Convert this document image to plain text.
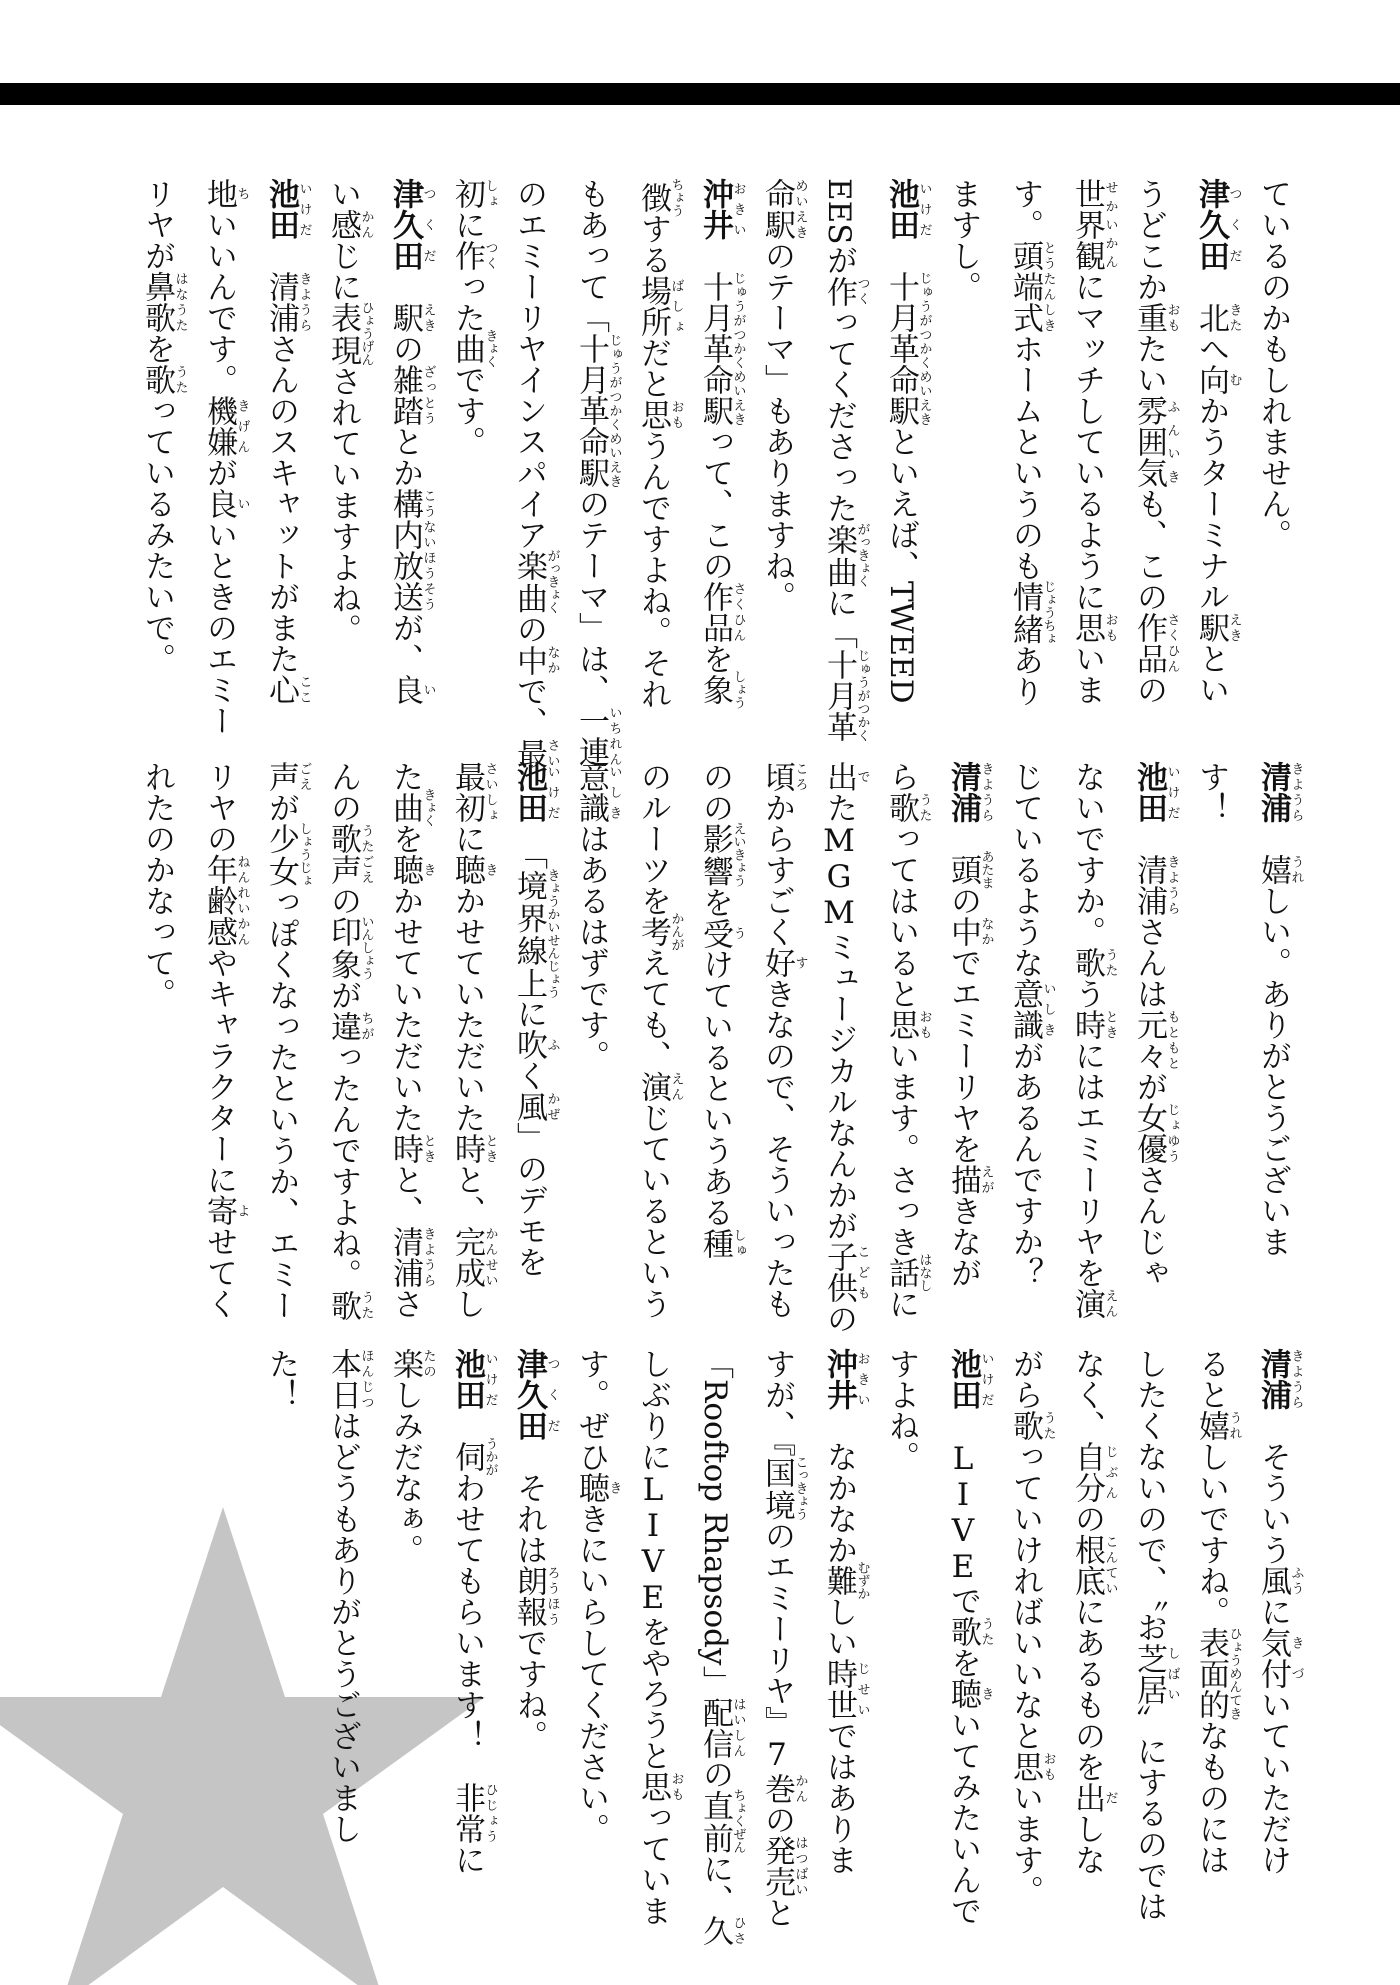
ているのかもしれません。
津久田つくだ　北きたへ向むかうターミナル駅えきとい
うどこか重おもたい雰囲気ふんいきも、この作品さくひんの
世界観せかいかんにマッチしているように思おもいま
す。頭端式とうたんしきホームというのも情緒じょうちょあり
ますし。
池田いけだ　十月革命駅じゅうがつかくめいえきといえば、TWEED
EESが作つくってくださった楽曲がっきょくに「十月革じゅうがつかく
命駅めいえきのテーマ」もありますね。
沖井おきい　十月革命駅じゅうがつかくめいえきって、この作品さくひんを象しょう
徴ちょうする場所ばしょだと思おもうんですよね。それ
もあって「十月革命駅じゅうがつかくめいえきのテーマ」は、一連いちれん
のエミーリヤインスパイア楽曲がっきょくの中なかで、最さい
初しょに作つくった曲きょくです。
津久田つくだ　駅えきの雑踏ざっとうとか構内放送こうないほうそうが、良い
い感かんじに表現ひょうげんされていますよね。
池田いけだ　清浦きようらさんのスキャットがまた心ここ
地ちいいんです。機嫌きげんが良いいときのエミー
リヤが鼻歌はなうたを歌うたっているみたいで。
清浦きようら　嬉うれしい。ありがとうございま
す！
池田いけだ　清浦きようらさんは元々もともとが女優じょゆうさんじゃ
ないですか。歌うたう時ときにはエミーリヤを演えん
じているような意識いしきがあるんですか？
清浦きようら　頭あたまの中なかでエミーリヤを描えがきなが
ら歌うたってはいると思おもいます。さっき話はなしに
出でたMGMミュージカルなんかが子供こどもの
頃ころからすごく好すきなので、そういったも
のの影響えいきょうを受うけているというある種しゅ
のルーツを考かんがえても、演えんじているという
意識いしきはあるはずです。
池田いけだ　「境界線上きょうかいせんじょうに吹ふく風かぜ」のデモを
最初さいしょに聴きかせていただいた時ときと、完成かんせいし
た曲きょくを聴きかせていただいた時ときと、清浦きようらさ
んの歌声うたごえの印象いんしょうが違ちがったんですよね。歌うた
声ごえが少女しょうじょっぽくなったというか、エミー
リヤの年齢感ねんれいかんやキャラクターに寄よせてく
れたのかなって。
清浦きようら　そういう風ふうに気付きづいていただけ
ると嬉うれしいですね。表面的ひょうめんてきなものには
したくないので、〝お芝居しばい〟にするのでは
なく、自分じぶんの根底こんていにあるものを出だしな
がら歌うたっていければいいなと思おもいます。
池田いけだ　LIVEで歌うたを聴きいてみたいんで
すよね。
沖井おきい　なかなか難むずかしい時世じせいではありま
すが、『国境こっきょうのエミーリヤ』7巻かんの発売はつばいと
「Rooftop Rhapsody」配信はいしんの直前ちょくぜんに、久ひさ
しぶりにLIVEをやろうと思おもっていま
す。ぜひ聴ききにいらしてください。
津久田つくだ　それは朗報ろうほうですね。
池田いけだ　伺うかがわせてもらいます！　非常ひじょうに
楽たのしみだなぁ。
本日ほんじつはどうもありがとうございまし
た！
